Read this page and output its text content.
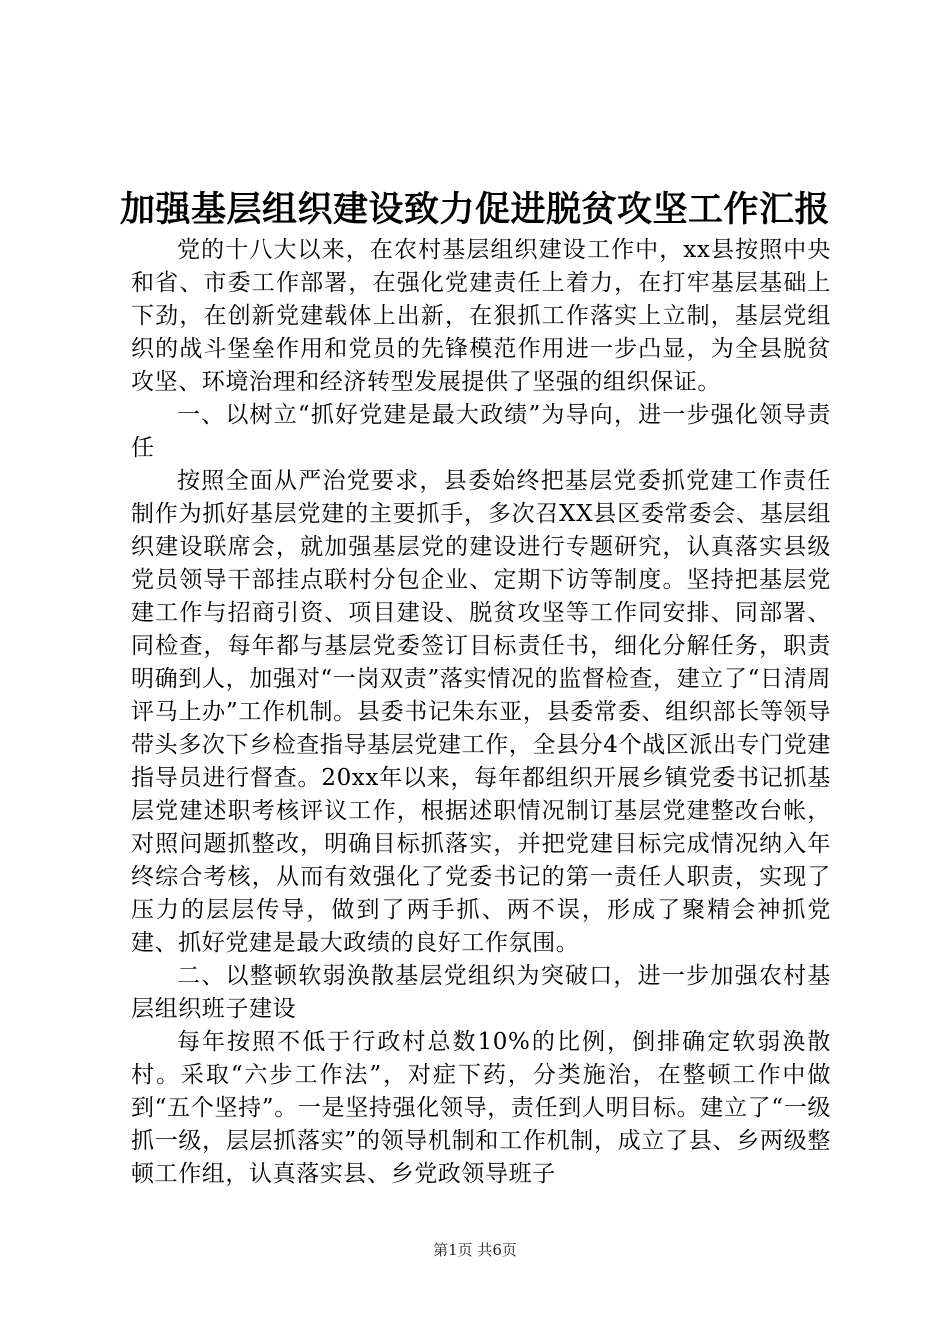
加强基层组织建设致力促进脱贫攻坚工作汇报

党的十八大以来，在农村基层组织建设工作中，xx县按照中央和省、市委工作部署，在强化党建责任上着力，在打牢基层基础上下劲，在创新党建载体上出新，在狠抓工作落实上立制，基层党组织的战斗堡垒作用和党员的先锋模范作用进一步凸显，为全县脱贫攻坚、环境治理和经济转型发展提供了坚强的组织保证。

一、以树立“抓好党建是最大政绩”为导向，进一步强化领导责任

按照全面从严治党要求，县委始终把基层党委抓党建工作责任制作为抓好基层党建的主要抓手，多次召XX县区委常委会、基层组织建设联席会，就加强基层党的建设进行专题研究，认真落实县级党员领导干部挂点联村分包企业、定期下访等制度。坚持把基层党建工作与招商引资、项目建设、脱贫攻坚等工作同安排、同部署、同检查，每年都与基层党委签订目标责任书，细化分解任务，职责明确到人，加强对“一岗双责”落实情况的监督检查，建立了“日清周评马上办”工作机制。县委书记朱东亚，县委常委、组织部长等领导带头多次下乡检查指导基层党建工作，全县分4个战区派出专门党建指导员进行督查。20xx年以来，每年都组织开展乡镇党委书记抓基层党建述职考核评议工作，根据述职情况制订基层党建整改台帐，对照问题抓整改，明确目标抓落实，并把党建目标完成情况纳入年终综合考核，从而有效强化了党委书记的第一责任人职责，实现了压力的层层传导，做到了两手抓、两不误，形成了聚精会神抓党建、抓好党建是最大政绩的良好工作氛围。

二、以整顿软弱涣散基层党组织为突破口，进一步加强农村基层组织班子建设

每年按照不低于行政村总数10%的比例，倒排确定软弱涣散村。采取“六步工作法”，对症下药，分类施治，在整顿工作中做到“五个坚持”。一是坚持强化领导，责任到人明目标。建立了“一级抓一级，层层抓落实”的领导机制和工作机制，成立了县、乡两级整顿工作组，认真落实县、乡党政领导班子

第1页 共6页
